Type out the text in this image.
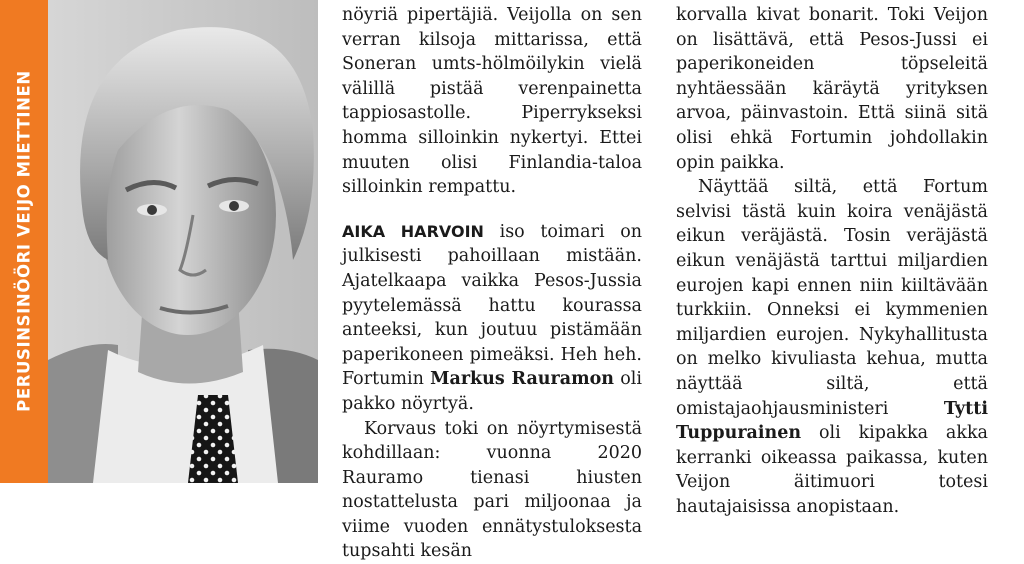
PERUSINSINÖÖRI VEIJO MIETTINEN

nöyriä pipertäjiä. Veijolla on sen verran kilsoja mittarissa, että Soneran umts-hölmöilykin vielä välillä pistää verenpainetta tappiosastolle. Piperrykseksi homma silloinkin nykertyi. Ettei muuten olisi Finlandia-taloa silloinkin rempattu.

AIKA HARVOIN iso toimari on julkisesti pahoillaan mistään. Ajatelkaapa vaikka Pesos-Jussia pyytelemässä hattu kourassa anteeksi, kun joutuu pistämään paperikoneen pimeäksi. Heh heh. Fortumin Markus Rauramon oli pakko nöyrtyä.

Korvaus toki on nöyrtymisestä kohdillaan: vuonna 2020 Rauramo tienasi hiusten nostattelusta pari miljoonaa ja viime vuoden ennätystuloksesta tupsahti kesän

korvalla kivat bonarit. Toki Veijon on lisättävä, että Pesos-Jussi ei paperikoneiden töpseleitä nyhtäessään käräytä yrityksen arvoa, päinvastoin. Että siinä sitä olisi ehkä Fortumin johdollakin opin paikka.

Näyttää siltä, että Fortum selvisi tästä kuin koira venäjästä eikun veräjästä. Tosin veräjästä eikun venäjästä tarttui miljardien eurojen kapi ennen niin kiiltävään turkkiin. Onneksi ei kymmenien miljardien eurojen. Nykyhallitusta on melko kivuliasta kehua, mutta näyttää siltä, että omistajaohjausministeri Tytti Tuppurainen oli kipakka akka kerranki oikeassa paikassa, kuten Veijon äitimuori totesi hautajaisissa anopistaan.
